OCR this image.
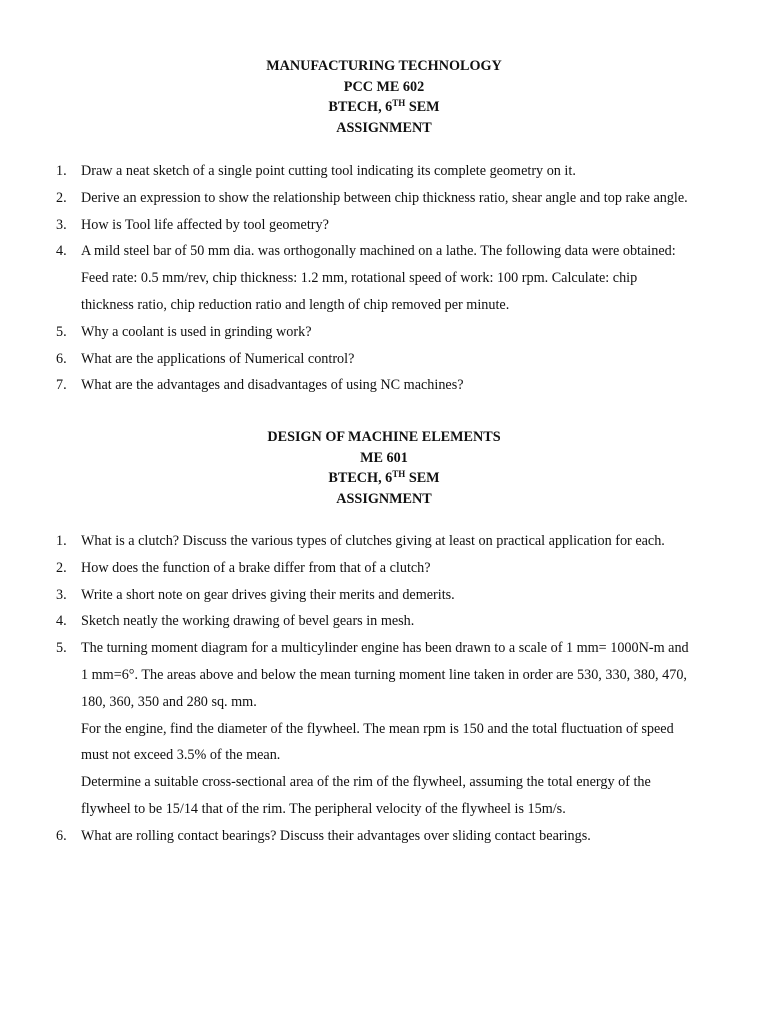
MANUFACTURING TECHNOLOGY
PCC ME 602
BTECH, 6TH SEM
ASSIGNMENT
1.	Draw a neat sketch of a single point cutting tool indicating its complete geometry on it.
2.	Derive an expression to show the relationship between chip thickness ratio, shear angle and top rake angle.
3.	How is Tool life affected by tool geometry?
4.	A mild steel bar of 50 mm dia. was orthogonally machined on a lathe. The following data were obtained:
Feed rate: 0.5 mm/rev, chip thickness: 1.2 mm, rotational speed of work: 100 rpm. Calculate: chip
thickness ratio, chip reduction ratio and length of chip removed per minute.
5.	Why a coolant is used in grinding work?
6.	What are the applications of Numerical control?
7.	What are the advantages and disadvantages of using NC machines?
DESIGN OF MACHINE ELEMENTS
ME 601
BTECH, 6TH SEM
ASSIGNMENT
1.	What is a clutch? Discuss the various types of clutches giving at least on practical application for each.
2.	How does the function of a brake differ from that of a clutch?
3.	Write a short note on gear drives giving their merits and demerits.
4.	Sketch neatly the working drawing of bevel gears in mesh.
5.	The turning moment diagram for a multicylinder engine has been drawn to a scale of 1 mm= 1000N-m and
1 mm=6°. The areas above and below the mean turning moment line taken in order are 530, 330, 380, 470,
180, 360, 350 and 280 sq. mm.
For the engine, find the diameter of the flywheel. The mean rpm is 150 and the total fluctuation of speed
must not exceed 3.5% of the mean.
Determine a suitable cross-sectional area of the rim of the flywheel, assuming the total energy of the
flywheel to be 15/14 that of the rim. The peripheral velocity of the flywheel is 15m/s.
6.	What are rolling contact bearings? Discuss their advantages over sliding contact bearings.
